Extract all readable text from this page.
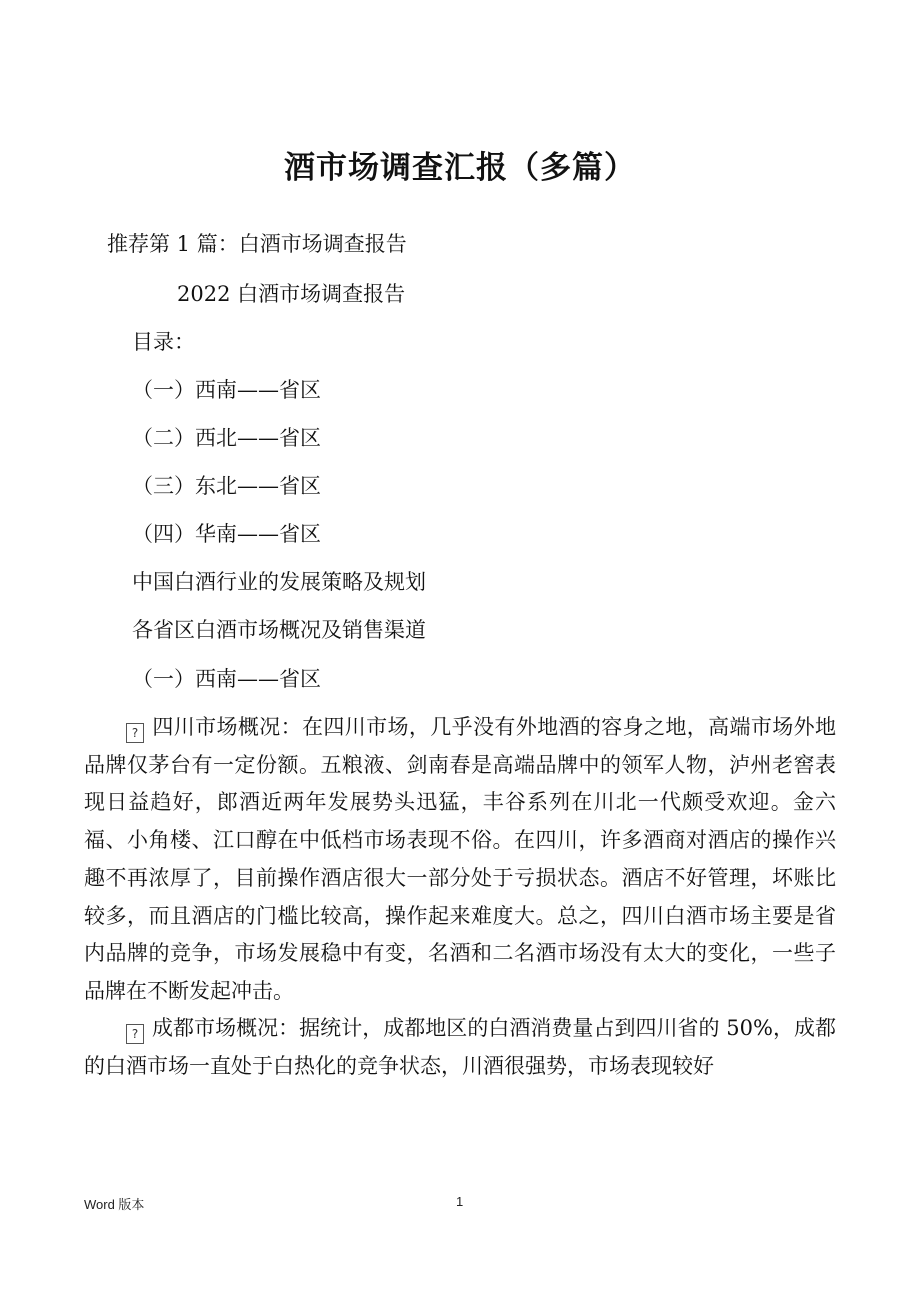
酒市场调查汇报（多篇）
推荐第 1 篇：白酒市场调查报告
2022 白酒市场调查报告
目录：
（一）西南——省区
（二）西北——省区
（三）东北——省区
（四）华南——省区
中国白酒行业的发展策略及规划
各省区白酒市场概况及销售渠道
（一）西南——省区

? 四川市场概况：在四川市场，几乎没有外地酒的容身之地，高端市场外地品牌仅茅台有一定份额。五粮液、剑南春是高端品牌中的领军人物，泸州老窖表现日益趋好，郎酒近两年发展势头迅猛，丰谷系列在川北一代颇受欢迎。金六福、小角楼、江口醇在中低档市场表现不俗。在四川，许多酒商对酒店的操作兴趣不再浓厚了，目前操作酒店很大一部分处于亏损状态。酒店不好管理，坏账比较多，而且酒店的门槛比较高，操作起来难度大。总之，四川白酒市场主要是省内品牌的竞争，市场发展稳中有变，名酒和二名酒市场没有太大的变化，一些子品牌在不断发起冲击。

? 成都市场概况：据统计，成都地区的白酒消费量占到四川省的 50%，成都的白酒市场一直处于白热化的竞争状态，川酒很强势，市场表现较好

Word 版本	1
